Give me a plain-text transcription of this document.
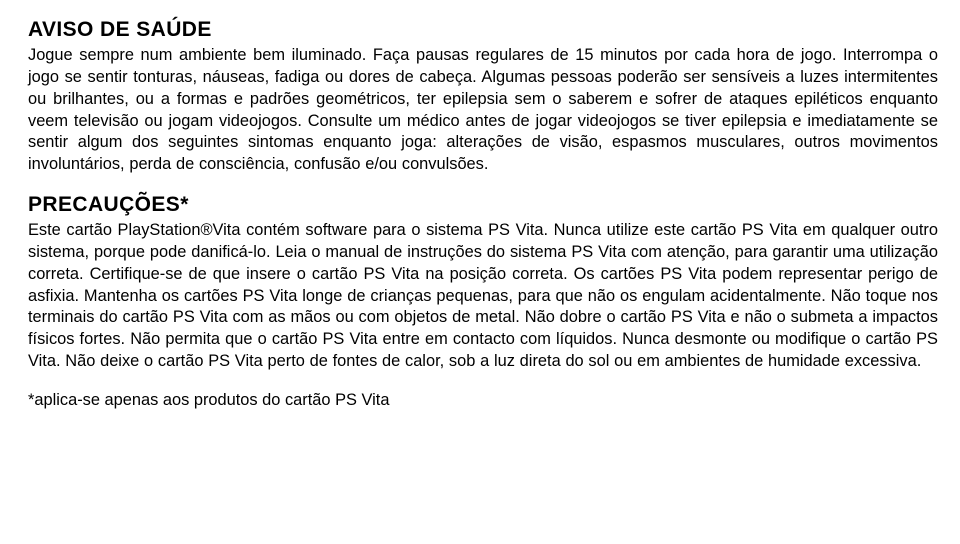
AVISO DE SAÚDE

Jogue sempre num ambiente bem iluminado. Faça pausas regulares de 15 minutos por cada hora de jogo. Interrompa o jogo se sentir tonturas, náuseas, fadiga ou dores de cabeça. Algumas pessoas poderão ser sensíveis a luzes intermitentes ou brilhantes, ou a formas e padrões geométricos, ter epilepsia sem o saberem e sofrer de ataques epiléticos enquanto veem televisão ou jogam videojogos. Consulte um médico antes de jogar videojogos se tiver epilepsia e imediatamente se sentir algum dos seguintes sintomas enquanto joga: alterações de visão, espasmos musculares, outros movimentos involuntários, perda de consciência, confusão e/ou convulsões.

PRECAUÇÕES*

Este cartão PlayStation®Vita contém software para o sistema PS Vita. Nunca utilize este cartão PS Vita em qualquer outro sistema, porque pode danificá-lo. Leia o manual de instruções do sistema PS Vita com atenção, para garantir uma utilização correta. Certifique-se de que insere o cartão PS Vita na posição correta. Os cartões PS Vita podem representar perigo de asfixia. Mantenha os cartões PS Vita longe de crianças pequenas, para que não os engulam acidentalmente. Não toque nos terminais do cartão PS Vita com as mãos ou com objetos de metal. Não dobre o cartão PS Vita e não o submeta a impactos físicos fortes. Não permita que o cartão PS Vita entre em contacto com líquidos. Nunca desmonte ou modifique o cartão PS Vita. Não deixe o cartão PS Vita perto de fontes de calor, sob a luz direta do sol ou em ambientes de humidade excessiva.

*aplica-se apenas aos produtos do cartão PS Vita
